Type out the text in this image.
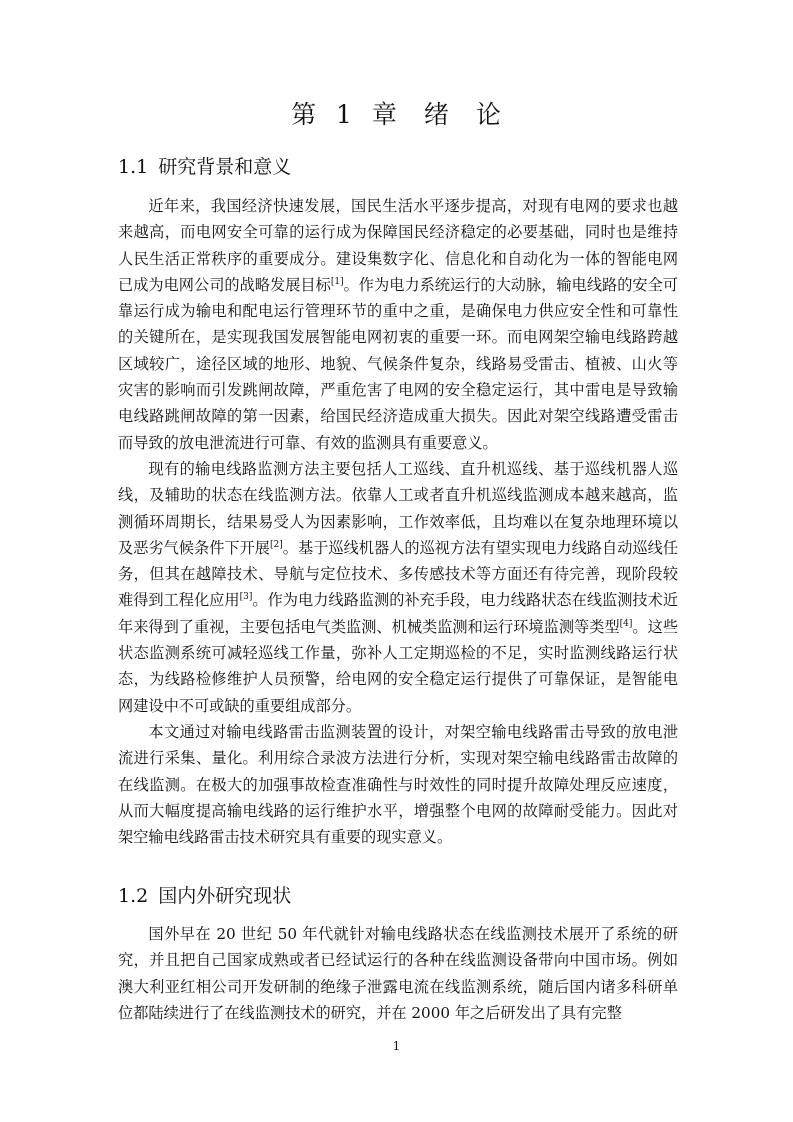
第 1 章　绪　论
1.1 研究背景和意义

近年来，我国经济快速发展，国民生活水平逐步提高，对现有电网的要求也越来越高，而电网安全可靠的运行成为保障国民经济稳定的必要基础，同时也是维持人民生活正常秩序的重要成分。建设集数字化、信息化和自动化为一体的智能电网已成为电网公司的战略发展目标[1]。作为电力系统运行的大动脉，输电线路的安全可靠运行成为输电和配电运行管理环节的重中之重，是确保电力供应安全性和可靠性的关键所在，是实现我国发展智能电网初衷的重要一环。而电网架空输电线路跨越区域较广，途径区域的地形、地貌、气候条件复杂，线路易受雷击、植被、山火等灾害的影响而引发跳闸故障，严重危害了电网的安全稳定运行，其中雷电是导致输电线路跳闸故障的第一因素，给国民经济造成重大损失。因此对架空线路遭受雷击而导致的放电泄流进行可靠、有效的监测具有重要意义。

现有的输电线路监测方法主要包括人工巡线、直升机巡线、基于巡线机器人巡线，及辅助的状态在线监测方法。依靠人工或者直升机巡线监测成本越来越高，监测循环周期长，结果易受人为因素影响，工作效率低，且均难以在复杂地理环境以及恶劣气候条件下开展[2]。基于巡线机器人的巡视方法有望实现电力线路自动巡线任务，但其在越障技术、导航与定位技术、多传感技术等方面还有待完善，现阶段较难得到工程化应用[3]。作为电力线路监测的补充手段，电力线路状态在线监测技术近年来得到了重视，主要包括电气类监测、机械类监测和运行环境监测等类型[4]。这些状态监测系统可减轻巡线工作量，弥补人工定期巡检的不足，实时监测线路运行状态，为线路检修维护人员预警，给电网的安全稳定运行提供了可靠保证，是智能电网建设中不可或缺的重要组成部分。

本文通过对输电线路雷击监测装置的设计，对架空输电线路雷击导致的放电泄流进行采集、量化。利用综合录波方法进行分析，实现对架空输电线路雷击故障的在线监测。在极大的加强事故检查准确性与时效性的同时提升故障处理反应速度，从而大幅度提高输电线路的运行维护水平，增强整个电网的故障耐受能力。因此对架空输电线路雷击技术研究具有重要的现实意义。

1.2 国内外研究现状

国外早在 20 世纪 50 年代就针对输电线路状态在线监测技术展开了系统的研究，并且把自己国家成熟或者已经试运行的各种在线监测设备带向中国市场。例如澳大利亚红相公司开发研制的绝缘子泄露电流在线监测系统，随后国内诸多科研单位都陆续进行了在线监测技术的研究，并在 2000 年之后研发出了具有完整

1
